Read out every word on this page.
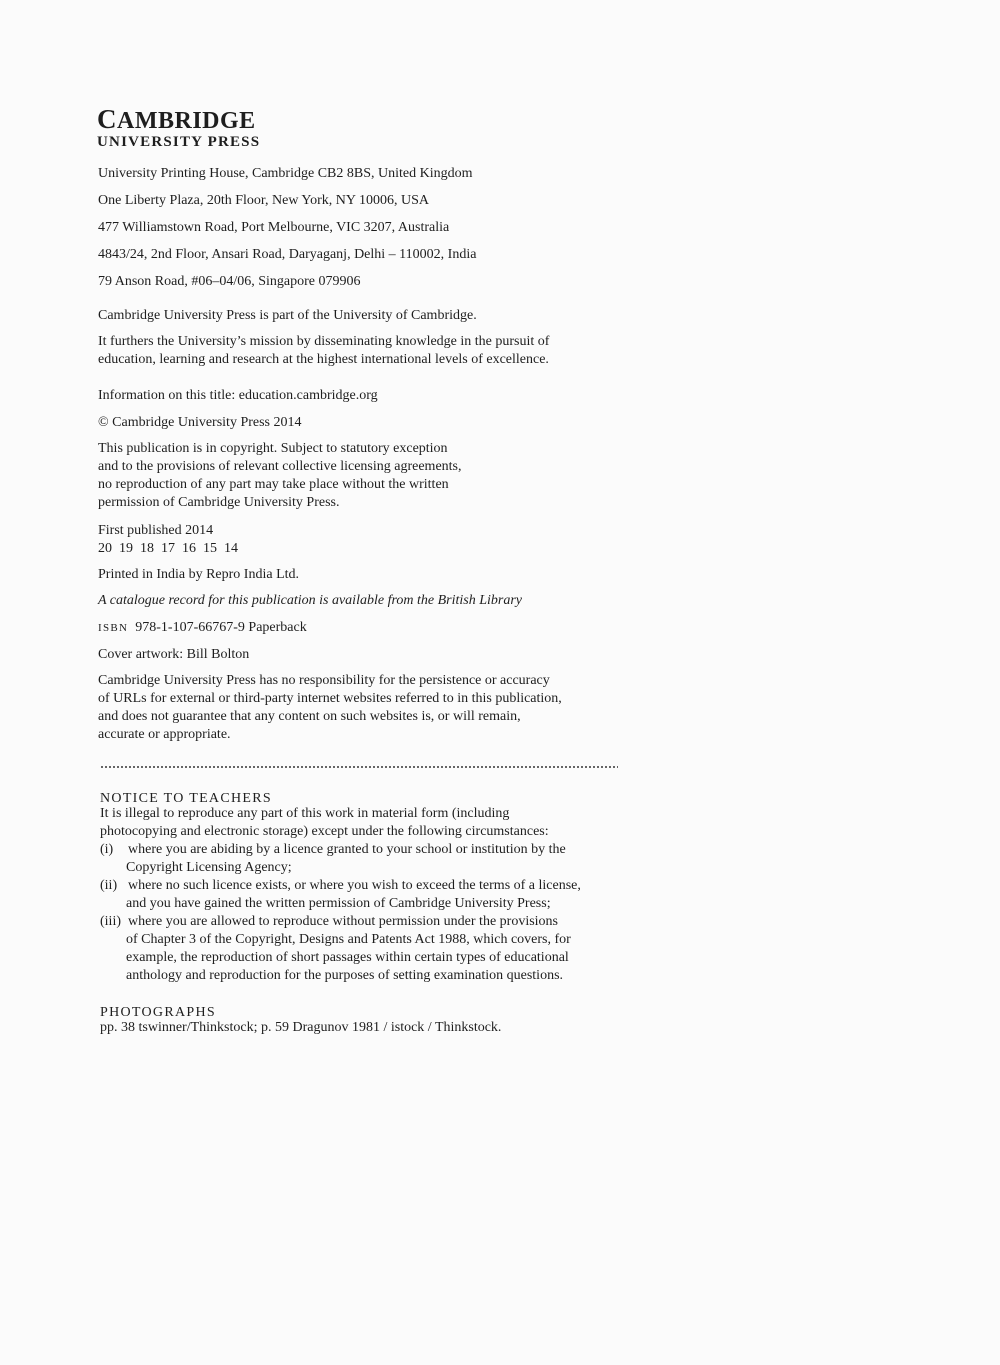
CAMBRIDGE
UNIVERSITY PRESS
University Printing House, Cambridge CB2 8BS, United Kingdom
One Liberty Plaza, 20th Floor, New York, NY 10006, USA
477 Williamstown Road, Port Melbourne, VIC 3207, Australia
4843/24, 2nd Floor, Ansari Road, Daryaganj, Delhi – 110002, India
79 Anson Road, #06–04/06, Singapore 079906
Cambridge University Press is part of the University of Cambridge.
It furthers the University’s mission by disseminating knowledge in the pursuit of
education, learning and research at the highest international levels of excellence.
Information on this title: education.cambridge.org
© Cambridge University Press 2014
This publication is in copyright. Subject to statutory exception
and to the provisions of relevant collective licensing agreements,
no reproduction of any part may take place without the written
permission of Cambridge University Press.
First published 2014
20  19  18  17  16  15  14
Printed in India by Repro India Ltd.
A catalogue record for this publication is available from the British Library
ISBN 978-1-107-66767-9 Paperback
Cover artwork: Bill Bolton
Cambridge University Press has no responsibility for the persistence or accuracy
of URLs for external or third-party internet websites referred to in this publication,
and does not guarantee that any content on such websites is, or will remain,
accurate or appropriate.
NOTICE TO TEACHERS
It is illegal to reproduce any part of this work in material form (including
photocopying and electronic storage) except under the following circumstances:
(i) where you are abiding by a licence granted to your school or institution by the
Copyright Licensing Agency;
(ii) where no such licence exists, or where you wish to exceed the terms of a license,
and you have gained the written permission of Cambridge University Press;
(iii) where you are allowed to reproduce without permission under the provisions
of Chapter 3 of the Copyright, Designs and Patents Act 1988, which covers, for
example, the reproduction of short passages within certain types of educational
anthology and reproduction for the purposes of setting examination questions.
PHOTOGRAPHS
pp. 38 tswinner/Thinkstock; p. 59 Dragunov 1981 / istock / Thinkstock.
